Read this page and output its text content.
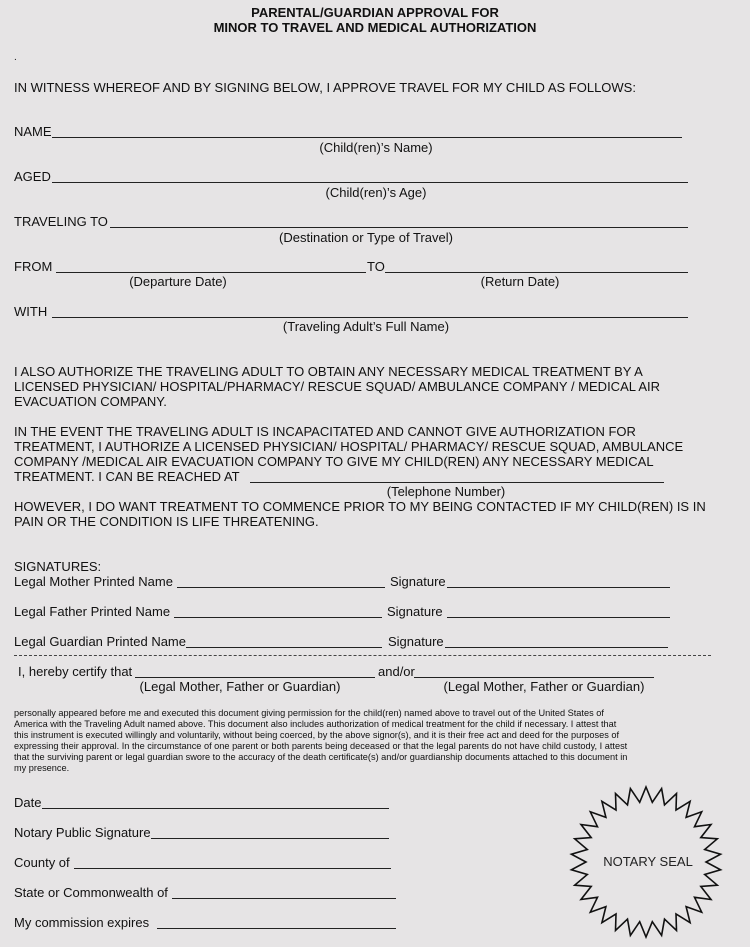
PARENTAL/GUARDIAN APPROVAL FOR
MINOR TO TRAVEL AND MEDICAL AUTHORIZATION
.
IN WITNESS WHEREOF AND BY SIGNING BELOW, I APPROVE TRAVEL FOR MY CHILD AS FOLLOWS:
NAME
(Child(ren)’s Name)
AGED
(Child(ren)’s Age)
TRAVELING TO
(Destination or Type of Travel)
FROM	TO
(Departure Date)	(Return Date)
WITH
(Traveling Adult’s Full Name)
I ALSO AUTHORIZE THE TRAVELING ADULT TO OBTAIN ANY NECESSARY MEDICAL TREATMENT BY A
LICENSED PHYSICIAN/ HOSPITAL/PHARMACY/ RESCUE SQUAD/ AMBULANCE COMPANY / MEDICAL AIR
EVACUATION COMPANY.
IN THE EVENT THE TRAVELING ADULT IS INCAPACITATED AND CANNOT GIVE AUTHORIZATION FOR
TREATMENT, I AUTHORIZE A LICENSED PHYSICIAN/ HOSPITAL/ PHARMACY/ RESCUE SQUAD, AMBULANCE
COMPANY /MEDICAL AIR EVACUATION COMPANY TO GIVE MY CHILD(REN) ANY NECESSARY MEDICAL
TREATMENT. I CAN BE REACHED AT
(Telephone Number)
HOWEVER, I DO WANT TREATMENT TO COMMENCE PRIOR TO MY BEING CONTACTED IF MY CHILD(REN) IS IN
PAIN OR THE CONDITION IS LIFE THREATENING.
SIGNATURES:
Legal Mother Printed Name	Signature
Legal Father Printed Name	Signature
Legal Guardian Printed Name	Signature
I, hereby certify that	and/or
(Legal Mother, Father or Guardian)	(Legal Mother, Father or Guardian)
personally appeared before me and executed this document giving permission for the child(ren) named above to travel out of the United States of
America with the Traveling Adult named above. This document also includes authorization of medical treatment for the child if necessary. I attest that
this instrument is executed willingly and voluntarily, without being coerced, by the above signor(s), and it is their free act and deed for the purposes of
expressing their approval. In the circumstance of one parent or both parents being deceased or that the legal parents do not have child custody, I attest
that the surviving parent or legal guardian swore to the accuracy of the death certificate(s) and/or guardianship documents attached to this document in
my presence.
Date
Notary Public Signature
County of
State or Commonwealth of
My commission expires
NOTARY SEAL
